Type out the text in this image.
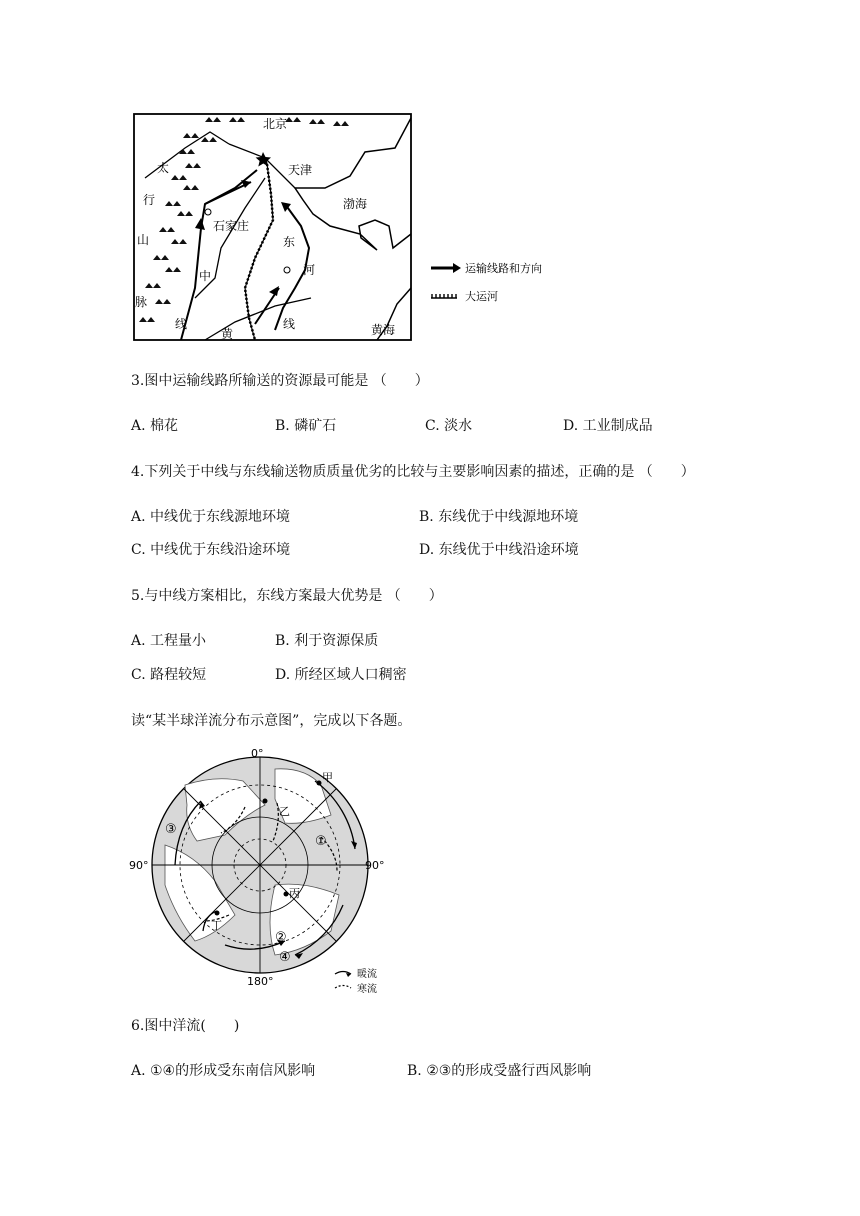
北京
天津
渤海
石家庄
太
行
山
脉
中
线
东
河
线
黄	黄海
运输线路和方向
大运河
3.图中运输线路所输送的资源最可能是 （　　）
A. 棉花	B. 磷矿石	C. 淡水	D. 工业制成品
4.下列关于中线与东线输送物质质量优劣的比较与主要影响因素的描述，正确的是 （　　）
A. 中线优于东线源地环境	B. 东线优于中线源地环境
C. 中线优于东线沿途环境	D. 东线优于中线沿途环境
5.与中线方案相比，东线方案最大优势是 （　　）
A. 工程量小	B. 利于资源保质
C. 路程较短	D. 所经区域人口稠密
读“某半球洋流分布示意图”，完成以下各题。
0°
90°	90°
180°
甲
乙
丙
丁
①
②
③
④
暖流
寒流
6.图中洋流(　　)
A. ①④的形成受东南信风影响	B. ②③的形成受盛行西风影响
